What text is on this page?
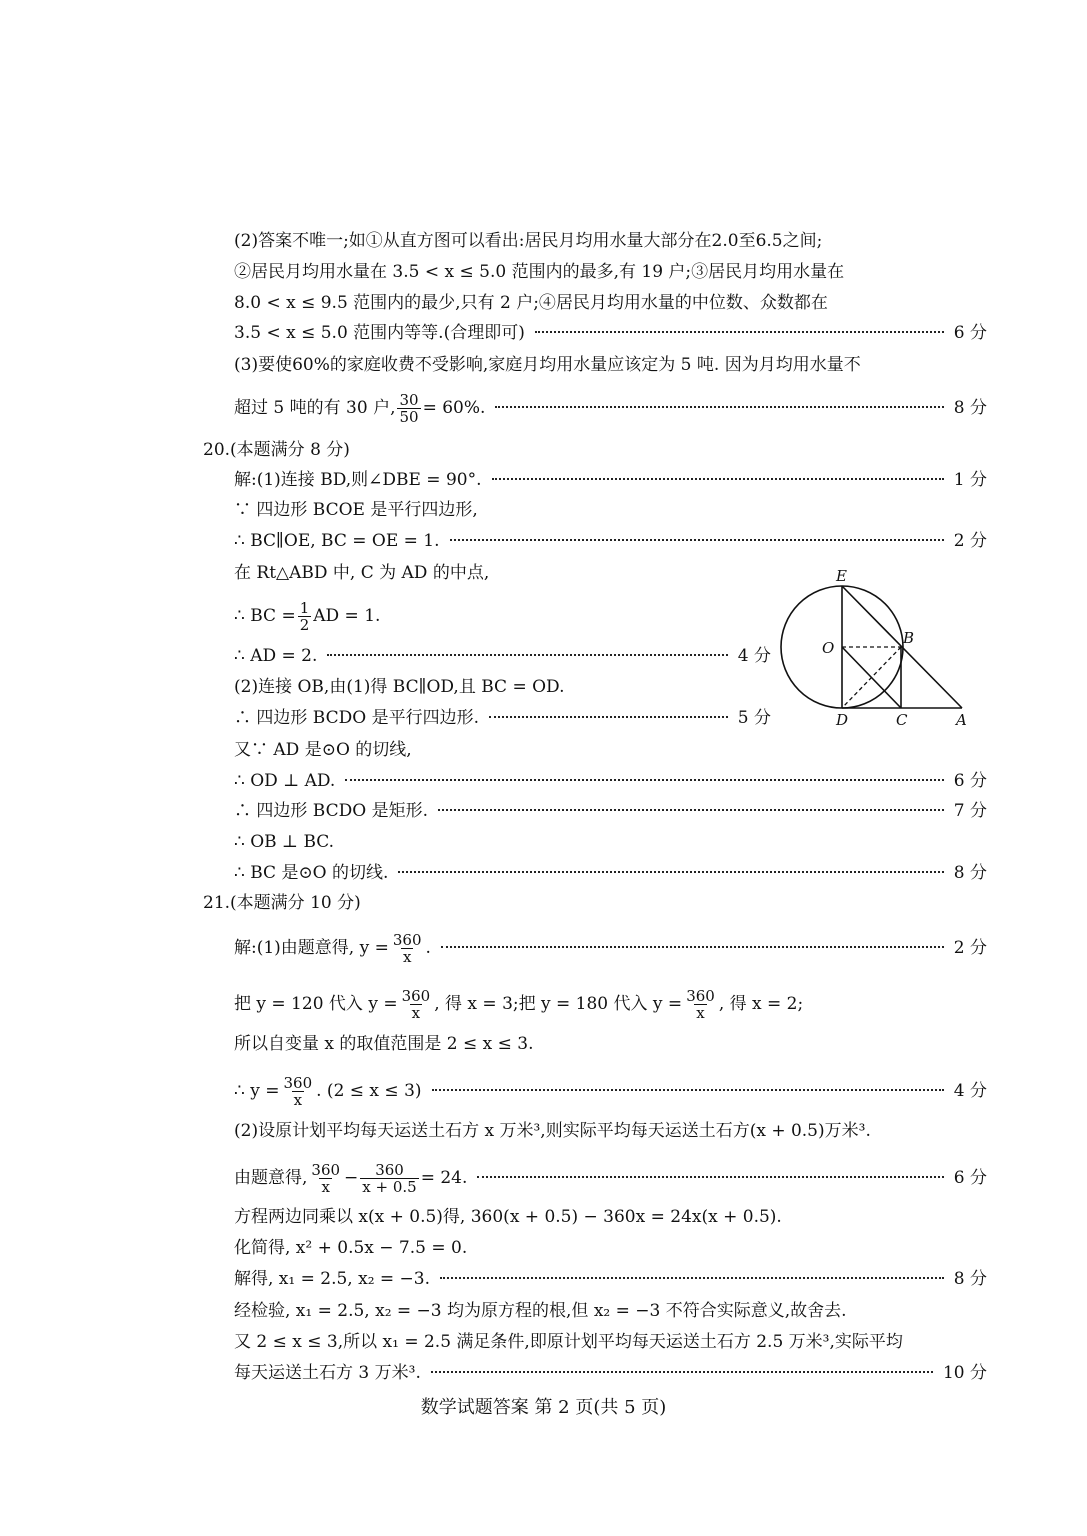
(2)答案不唯一;如①从直方图可以看出:居民月均用水量大部分在2.0至6.5之间;
②居民月均用水量在 3.5 < x ≤ 5.0 范围内的最多,有 19 户;③居民月均用水量在
8.0 < x ≤ 9.5 范围内的最少,只有 2 户;④居民月均用水量的中位数、众数都在
3.5 < x ≤ 5.0 范围内等等.(合理即可)	6 分
(3)要使60%的家庭收费不受影响,家庭月均用水量应该定为 5 吨. 因为月均用水量不
超过 5 吨的有 30 户, $\frac{30}{50} = 60\%$.	8 分
20.(本题满分 8 分)
解:(1)连接 BD,则∠DBE = 90°.	1 分
∵ 四边形 BCOE 是平行四边形,
∴ BC∥OE, BC = OE = 1.	2 分
在 Rt△ABD 中, C 为 AD 的中点,
∴ BC = $\frac{1}{2}$ AD = 1.
∴ AD = 2.	4 分
(2)连接 OB,由(1)得 BC∥OD,且 BC = OD.
∴ 四边形 BCDO 是平行四边形.	5 分
又∵ AD 是⊙O 的切线,
∴ OD ⊥ AD.	6 分
∴ 四边形 BCDO 是矩形.	7 分
∴ OB ⊥ BC.
∴ BC 是⊙O 的切线.	8 分
E
O
B
D	C	A
21.(本题满分 10 分)
解:(1)由题意得, $y = \frac{360}{x}$ .	2 分
把 y = 120 代入 $y = \frac{360}{x}$ , 得 x = 3;把 y = 180 代入 $y = \frac{360}{x}$ , 得 x = 2;
所以自变量 x 的取值范围是 2 ≤ x ≤ 3.
∴ $y = \frac{360}{x}$ . (2 ≤ x ≤ 3)	4 分
(2)设原计划平均每天运送土石方 x 万米³,则实际平均每天运送土石方(x + 0.5)万米³.
由题意得, $\frac{360}{x} - \frac{360}{x + 0.5} = 24$.	6 分
方程两边同乘以 x(x + 0.5)得, 360(x + 0.5) − 360x = 24x(x + 0.5).
化简得, x² + 0.5x − 7.5 = 0.
解得, x₁ = 2.5, x₂ = −3.	8 分
经检验, x₁ = 2.5, x₂ = −3 均为原方程的根,但 x₂ = −3 不符合实际意义,故舍去.
又 2 ≤ x ≤ 3,所以 x₁ = 2.5 满足条件,即原计划平均每天运送土石方 2.5 万米³,实际平均
每天运送土石方 3 万米³.	10 分
数学试题答案 第 2 页(共 5 页)
